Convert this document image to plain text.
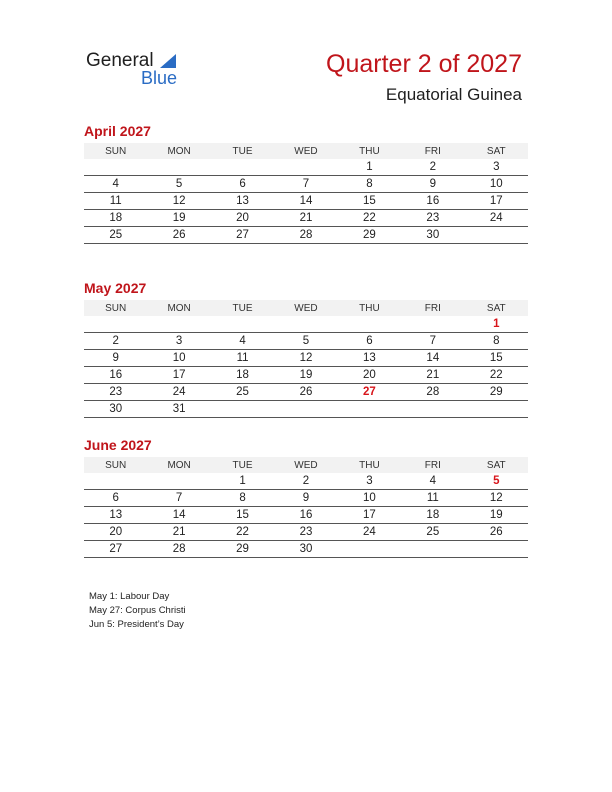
General
Blue	Quarter 2 of 2027
Equatorial Guinea
April 2027
SUN	MON	TUE	WED	THU	FRI	SAT
				1	2	3
4	5	6	7	8	9	10
11	12	13	14	15	16	17
18	19	20	21	22	23	24
25	26	27	28	29	30	
May 2027
SUN	MON	TUE	WED	THU	FRI	SAT
						1
2	3	4	5	6	7	8
9	10	11	12	13	14	15
16	17	18	19	20	21	22
23	24	25	26	27	28	29
30	31					
June 2027
SUN	MON	TUE	WED	THU	FRI	SAT
		1	2	3	4	5
6	7	8	9	10	11	12
13	14	15	16	17	18	19
20	21	22	23	24	25	26
27	28	29	30			
May 1: Labour Day
May 27: Corpus Christi
Jun 5: President’s Day
